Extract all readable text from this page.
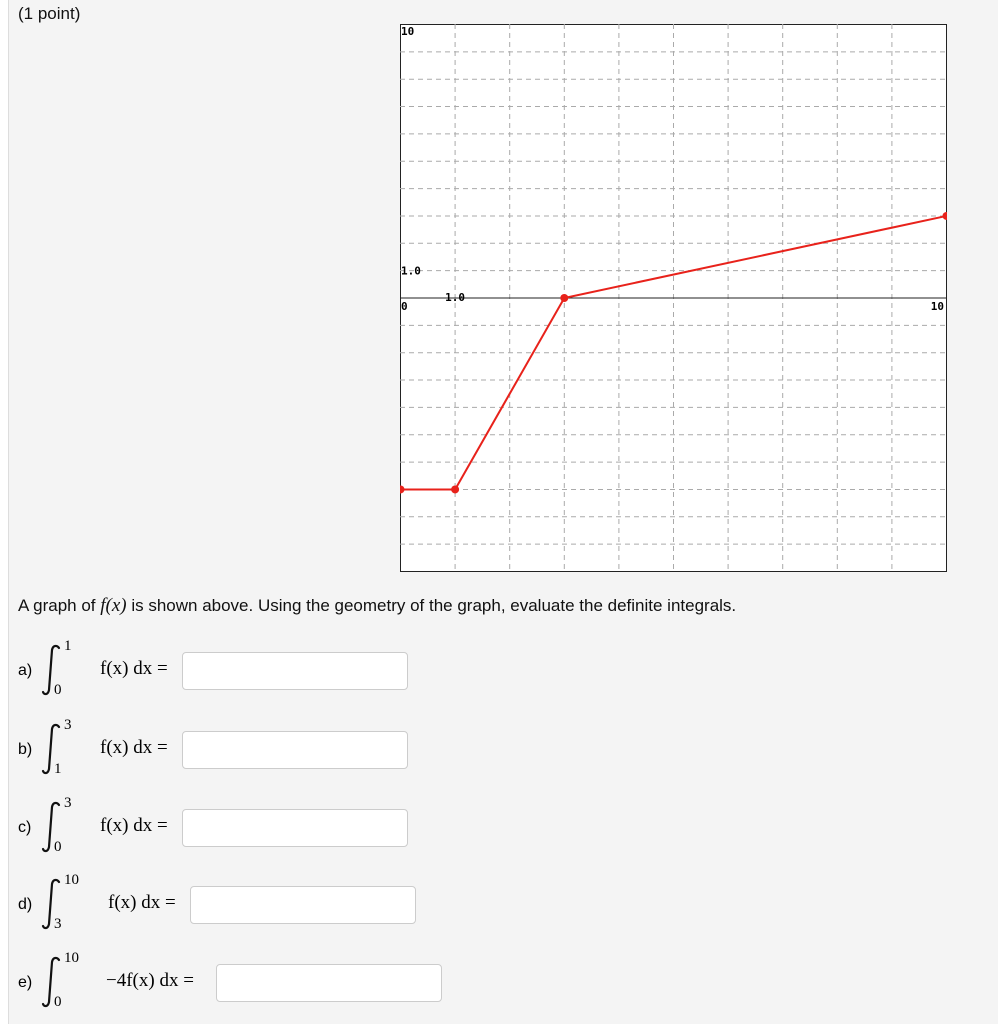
(1 point)
10
1.0
0
1.0
10
A graph of f(x) is shown above. Using the geometry of the graph, evaluate the definite integrals.
a)
1
0
f(x) dx =
b)
3
1
f(x) dx =
c)
3
0
f(x) dx =
d)
10
3
f(x) dx =
e)
10
0
−4f(x) dx =
